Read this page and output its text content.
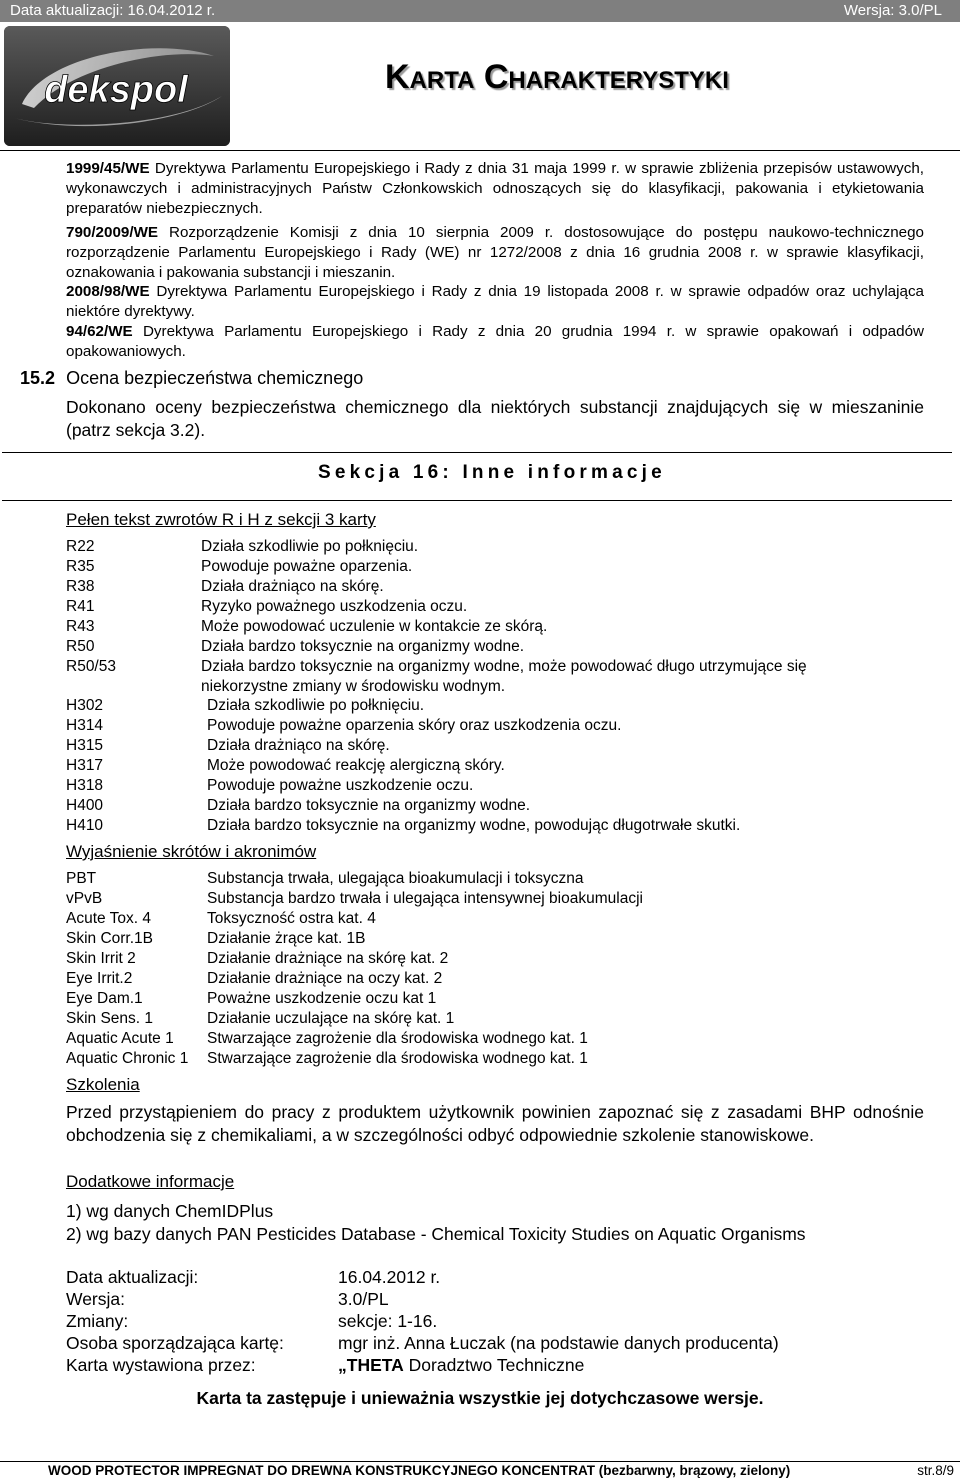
Data aktualizacji: 16.04.2012 r.	Wersja: 3.0/PL
dekspol	Karta Charakterystyki
1999/45/WE Dyrektywa Parlamentu Europejskiego i Rady z dnia 31 maja 1999 r. w sprawie zbliżenia przepisów ustawowych, wykonawczych i administracyjnych Państw Członkowskich odnoszących się do klasyfikacji, pakowania i etykietowania preparatów niebezpiecznych.
790/2009/WE Rozporządzenie Komisji z dnia 10 sierpnia 2009 r. dostosowujące do postępu naukowo-technicznego rozporządzenie Parlamentu Europejskiego i Rady (WE) nr 1272/2008 z dnia 16 grudnia 2008 r. w sprawie klasyfikacji, oznakowania i pakowania substancji i mieszanin.
2008/98/WE Dyrektywa Parlamentu Europejskiego i Rady z dnia 19 listopada 2008 r. w sprawie odpadów oraz uchylająca niektóre dyrektywy.
94/62/WE Dyrektywa Parlamentu Europejskiego i Rady z dnia 20 grudnia 1994 r. w sprawie opakowań i odpadów opakowaniowych.
15.2 Ocena bezpieczeństwa chemicznego
Dokonano oceny bezpieczeństwa chemicznego dla niektórych substancji znajdujących się w mieszaninie (patrz sekcja 3.2).
Sekcja 16: Inne informacje
Pełen tekst zwrotów R i H z sekcji 3 karty
R22	Działa szkodliwie po połknięciu.
R35	Powoduje poważne oparzenia.
R38	Działa drażniąco na skórę.
R41	Ryzyko poważnego uszkodzenia oczu.
R43	Może powodować uczulenie w kontakcie ze skórą.
R50	Działa bardzo toksycznie na organizmy wodne.
R50/53	Działa bardzo toksycznie na organizmy wodne, może powodować długo utrzymujące się
niekorzystne zmiany w środowisku wodnym.
H302	Działa szkodliwie po połknięciu.
H314	Powoduje poważne oparzenia skóry oraz uszkodzenia oczu.
H315	Działa drażniąco na skórę.
H317	Może powodować reakcję alergiczną skóry.
H318	Powoduje poważne uszkodzenie oczu.
H400	Działa bardzo toksycznie na organizmy wodne.
H410	Działa bardzo toksycznie na organizmy wodne, powodując długotrwałe skutki.
Wyjaśnienie skrótów i akronimów
PBT	Substancja trwała, ulegająca bioakumulacji i toksyczna
vPvB	Substancja bardzo trwała i ulegająca intensywnej bioakumulacji
Acute Tox. 4	Toksyczność ostra kat. 4
Skin Corr.1B	Działanie żrące kat. 1B
Skin Irrit 2	Działanie drażniące na skórę kat. 2
Eye Irrit.2	Działanie drażniące na oczy kat. 2
Eye Dam.1	Poważne uszkodzenie oczu kat 1
Skin Sens. 1	Działanie uczulające na skórę kat. 1
Aquatic Acute 1 Stwarzające zagrożenie dla środowiska wodnego kat. 1
Aquatic Chronic 1 Stwarzające zagrożenie dla środowiska wodnego kat. 1
Szkolenia
Przed przystąpieniem do pracy z produktem użytkownik powinien zapoznać się z zasadami BHP odnośnie obchodzenia się z chemikaliami, a w szczególności odbyć odpowiednie szkolenie stanowiskowe.
Dodatkowe informacje
1) wg danych ChemIDPlus
2) wg bazy danych PAN Pesticides Database - Chemical Toxicity Studies on Aquatic Organisms
Data aktualizacji:	16.04.2012 r.
Wersja:	3.0/PL
Zmiany:	sekcje: 1-16.
Osoba sporządzająca kartę:	mgr inż. Anna Łuczak (na podstawie danych producenta)
Karta wystawiona przez:	„THETA Doradztwo Techniczne
Karta ta zastępuje i unieważnia wszystkie jej dotychczasowe wersje.
WOOD PROTECTOR IMPREGNAT DO DREWNA KONSTRUKCYJNEGO KONCENTRAT (bezbarwny, brązowy, zielony)	str.8/9
